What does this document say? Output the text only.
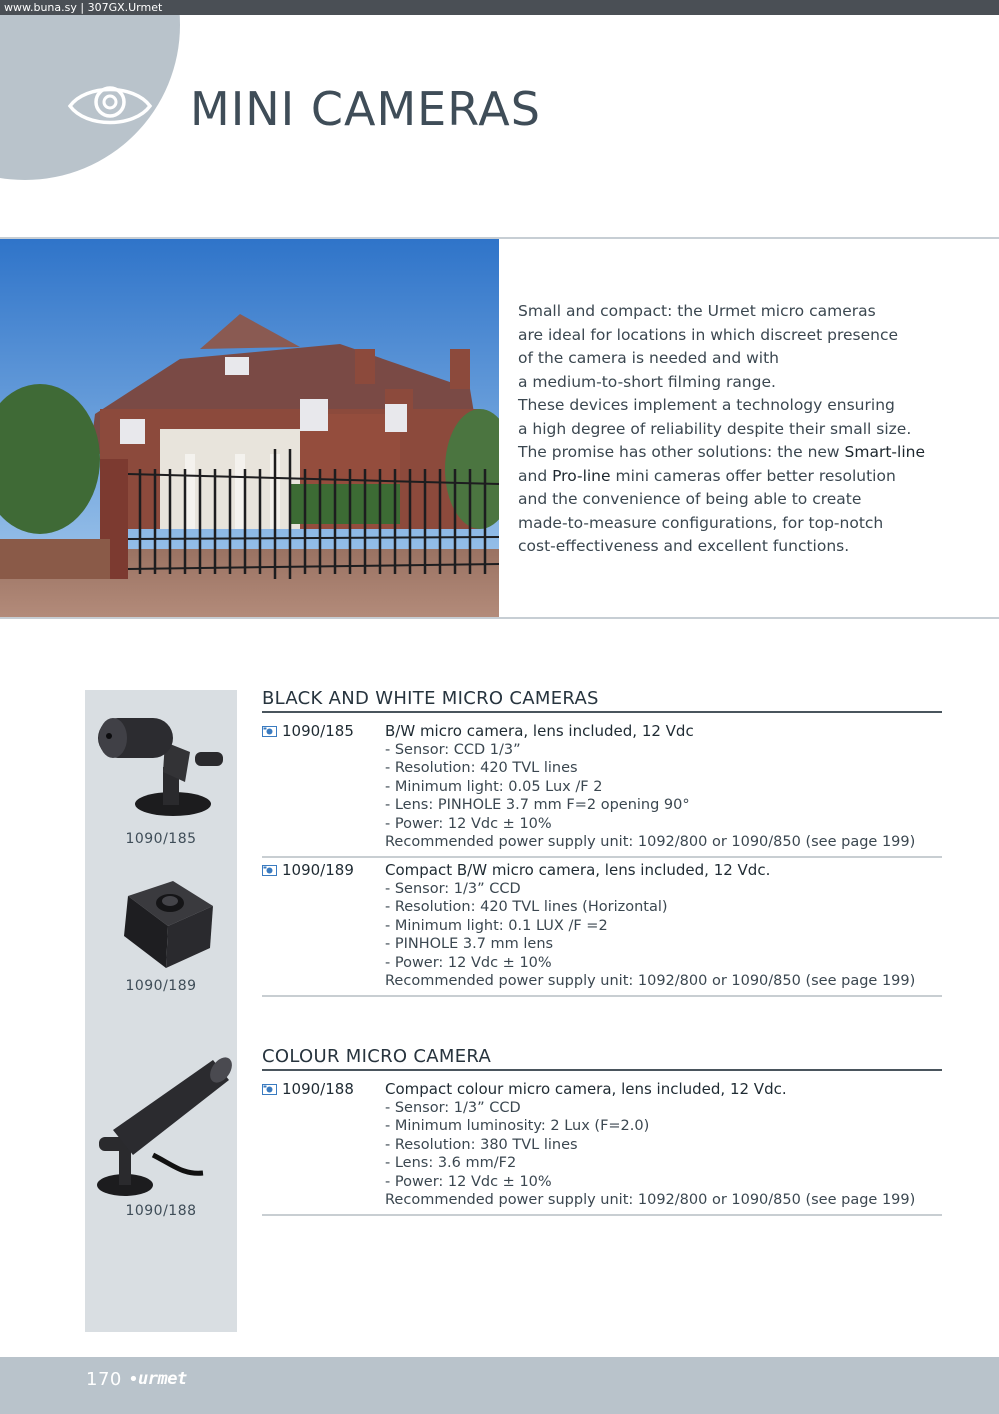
www.buna.sy | 307GX.Urmet
MINI CAMERAS

Small and compact: the Urmet micro cameras
are ideal for locations in which discreet presence
of the camera is needed and with
a medium-to-short filming range.
These devices implement a technology ensuring
a high degree of reliability despite their small size.
The promise has other solutions: the new Smart-line
and Pro-line mini cameras offer better resolution
and the convenience of being able to create
made-to-measure configurations, for top-notch
cost-effectiveness and excellent functions.

1090/185
1090/189
1090/188
BLACK AND WHITE MICRO CAMERAS
1090/185 B/W micro camera, lens included, 12 Vdc
- Sensor: CCD 1/3”
- Resolution: 420 TVL lines
- Minimum light: 0.05 Lux /F 2
- Lens: PINHOLE 3.7 mm F=2 opening 90°
- Power: 12 Vdc ± 10%
Recommended power supply unit: 1092/800 or 1090/850 (see page 199)
1090/189 Compact B/W micro camera, lens included, 12 Vdc.
- Sensor: 1/3” CCD
- Resolution: 420 TVL lines (Horizontal)
- Minimum light: 0.1 LUX /F =2
- PINHOLE 3.7 mm lens
- Power: 12 Vdc ± 10%
Recommended power supply unit: 1092/800 or 1090/850 (see page 199)
COLOUR MICRO CAMERA
1090/188 Compact colour micro camera, lens included, 12 Vdc.
- Sensor: 1/3” CCD
- Minimum luminosity: 2 Lux (F=2.0)
- Resolution: 380 TVL lines
- Lens: 3.6 mm/F2
- Power: 12 Vdc ± 10%
Recommended power supply unit: 1092/800 or 1090/850 (see page 199)
170 •
urmet
